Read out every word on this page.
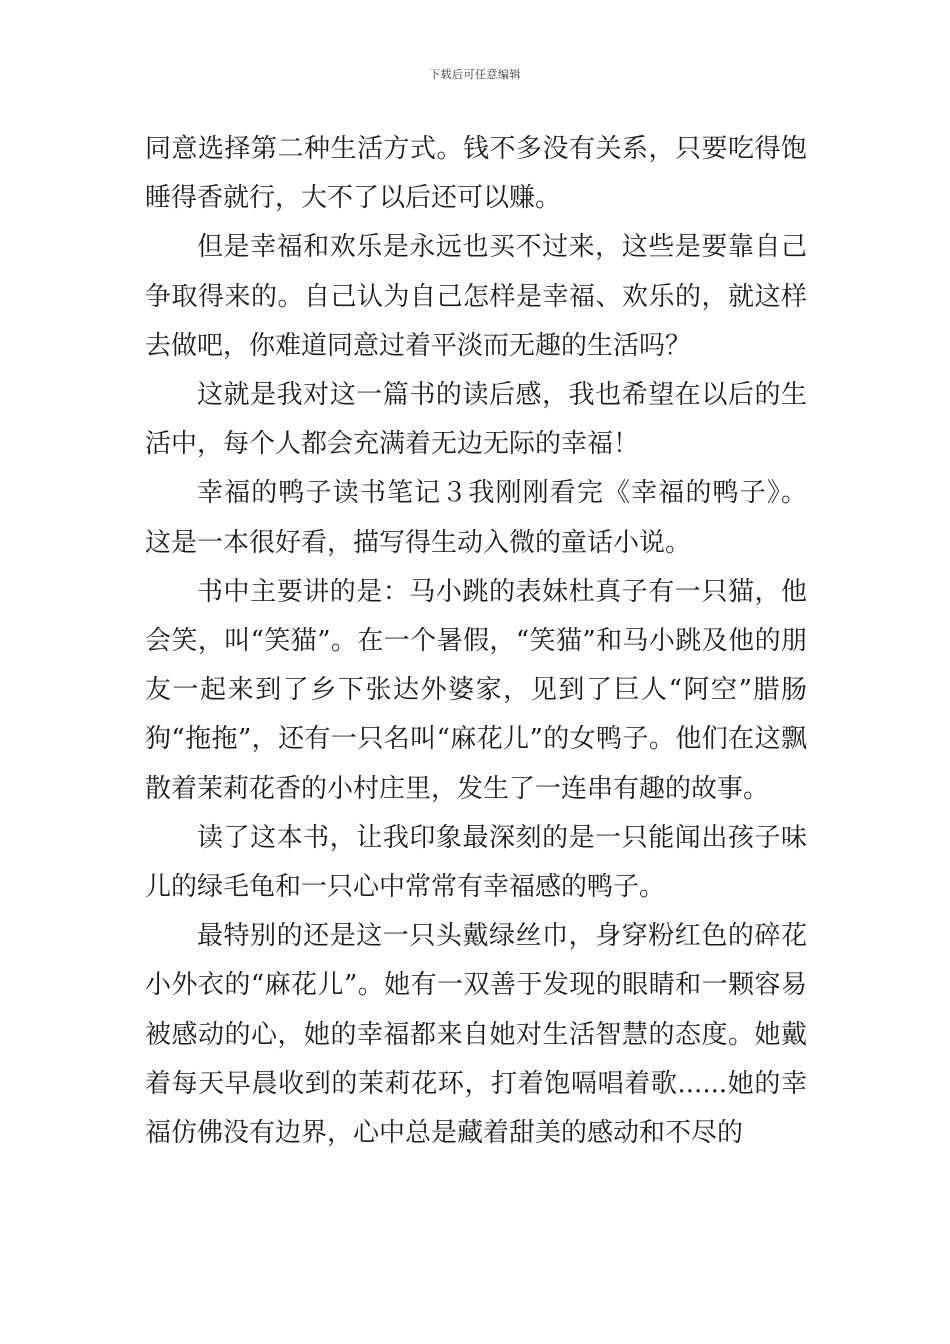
下载后可任意编辑

同意选择第二种生活方式。钱不多没有关系，只要吃得饱睡得香就行，大不了以后还可以赚。

但是幸福和欢乐是永远也买不过来，这些是要靠自己争取得来的。自己认为自己怎样是幸福、欢乐的，就这样去做吧，你难道同意过着平淡而无趣的生活吗？

这就是我对这一篇书的读后感，我也希望在以后的生活中，每个人都会充满着无边无际的幸福！

幸福的鸭子读书笔记３我刚刚看完《幸福的鸭子》。这是一本很好看，描写得生动入微的童话小说。

书中主要讲的是：马小跳的表妹杜真子有一只猫，他会笑，叫“笑猫”。在一个暑假，“笑猫”和马小跳及他的朋友一起来到了乡下张达外婆家，见到了巨人“阿空”腊肠狗“拖拖”，还有一只名叫“麻花儿”的女鸭子。他们在这飘散着茉莉花香的小村庄里，发生了一连串有趣的故事。

读了这本书，让我印象最深刻的是一只能闻出孩子味儿的绿毛龟和一只心中常常有幸福感的鸭子。

最特别的还是这一只头戴绿丝巾，身穿粉红色的碎花小外衣的“麻花儿”。她有一双善于发现的眼睛和一颗容易被感动的心，她的幸福都来自她对生活智慧的态度。她戴着每天早晨收到的茉莉花环，打着饱嗝唱着歌......她的幸福仿佛没有边界，心中总是藏着甜美的感动和不尽的
